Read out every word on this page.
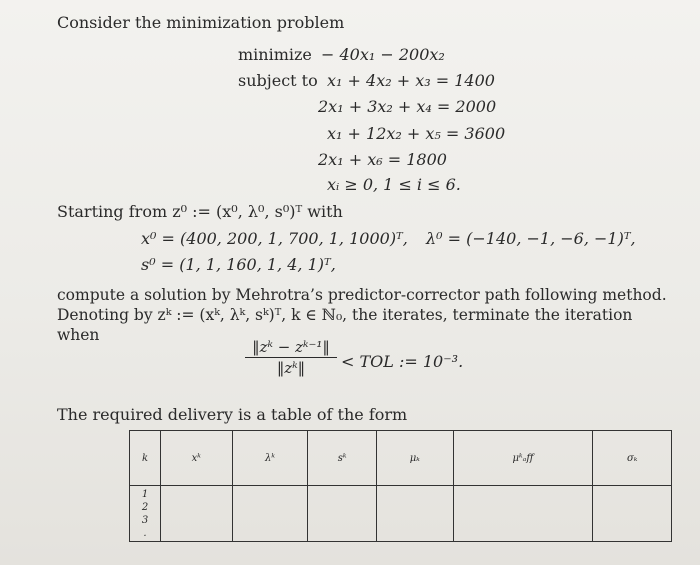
Consider the minimization problem
minimize − 40x₁ − 200x₂
subject to x₁ + 4x₂ + x₃ = 1400
2x₁ + 3x₂ + x₄ = 2000
x₁ + 12x₂ + x₅ = 3600
2x₁ + x₆ = 1800
xᵢ ≥ 0, 1 ≤ i ≤ 6.
Starting from z⁰ := (x⁰, λ⁰, s⁰)ᵀ with
x⁰ = (400, 200, 1, 700, 1, 1000)ᵀ, λ⁰ = (−140, −1, −6, −1)ᵀ,
s⁰ = (1, 1, 160, 1, 4, 1)ᵀ,
compute a solution by Mehrotra’s predictor-corrector path following method.
Denoting by zᵏ := (xᵏ, λᵏ, sᵏ)ᵀ, k ∈ ℕ₀, the iterates, terminate the iteration
when
‖zᵏ − zᵏ⁻¹‖
‖zᵏ‖	< TOL := 10⁻³.
The required delivery is a table of the form
k	xᵏ	λᵏ	sᵏ	μₖ	μᵏₐff	σₖ

1
2
3
.						
